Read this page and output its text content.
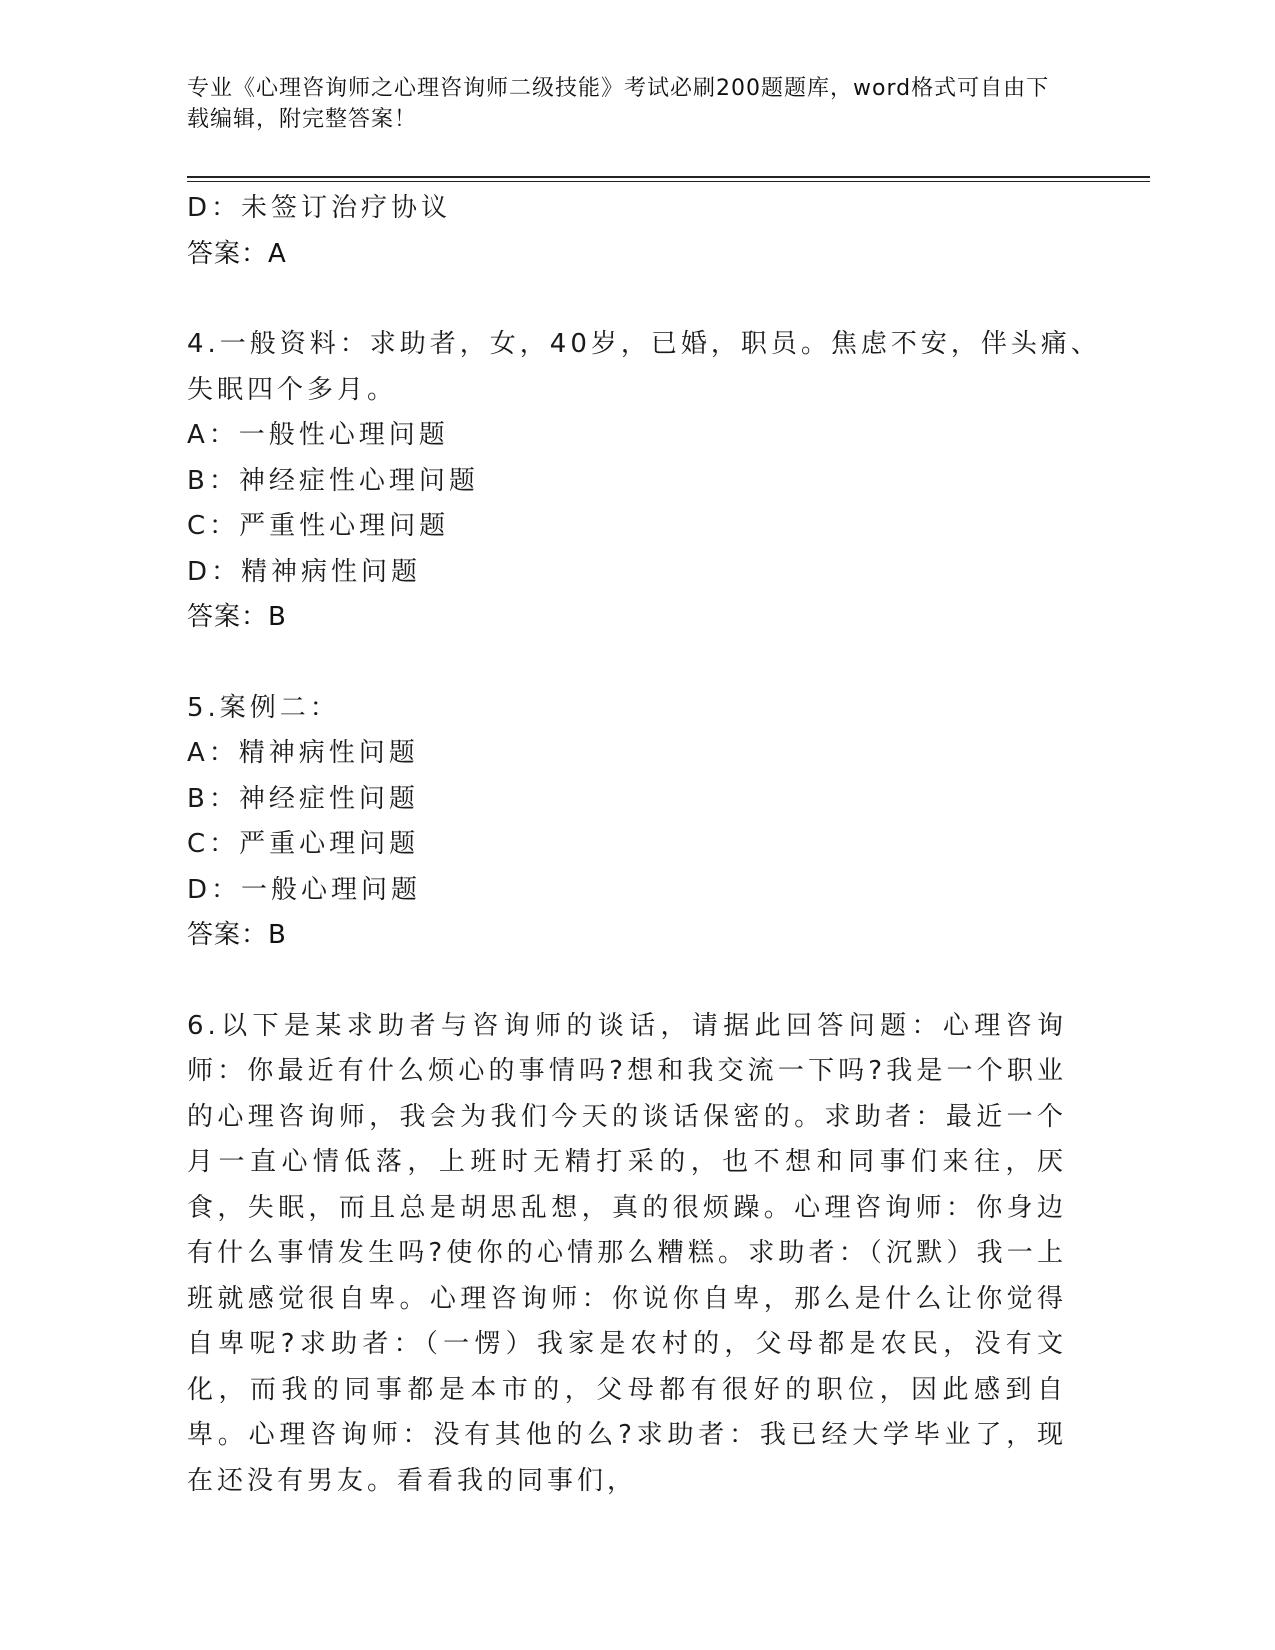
专业《心理咨询师之心理咨询师二级技能》考试必刷200题题库，word格式可自由下载编辑，附完整答案！
D：未签订治疗协议
答案：A
4.一般资料：求助者，女，40岁，已婚，职员。焦虑不安，伴头痛、
失眠四个多月。
A：一般性心理问题
B：神经症性心理问题
C：严重性心理问题
D：精神病性问题
答案：B
5.案例二：
A：精神病性问题
B：神经症性问题
C：严重心理问题
D：一般心理问题
答案：B

6.以下是某求助者与咨询师的谈话，请据此回答问题：心理咨询师：你最近有什么烦心的事情吗?想和我交流一下吗?我是一个职业的心理咨询师，我会为我们今天的谈话保密的。求助者：最近一个月一直心情低落，上班时无精打采的，也不想和同事们来往，厌食，失眠，而且总是胡思乱想，真的很烦躁。心理咨询师：你身边有什么事情发生吗?使你的心情那么糟糕。求助者：（沉默）我一上班就感觉很自卑。心理咨询师：你说你自卑，那么是什么让你觉得自卑呢?求助者：（一愣）我家是农村的，父母都是农民，没有文化，而我的同事都是本市的，父母都有很好的职位，因此感到自卑。心理咨询师：没有其他的么?求助者：我已经大学毕业了，现在还没有男友。看看我的同事们，
